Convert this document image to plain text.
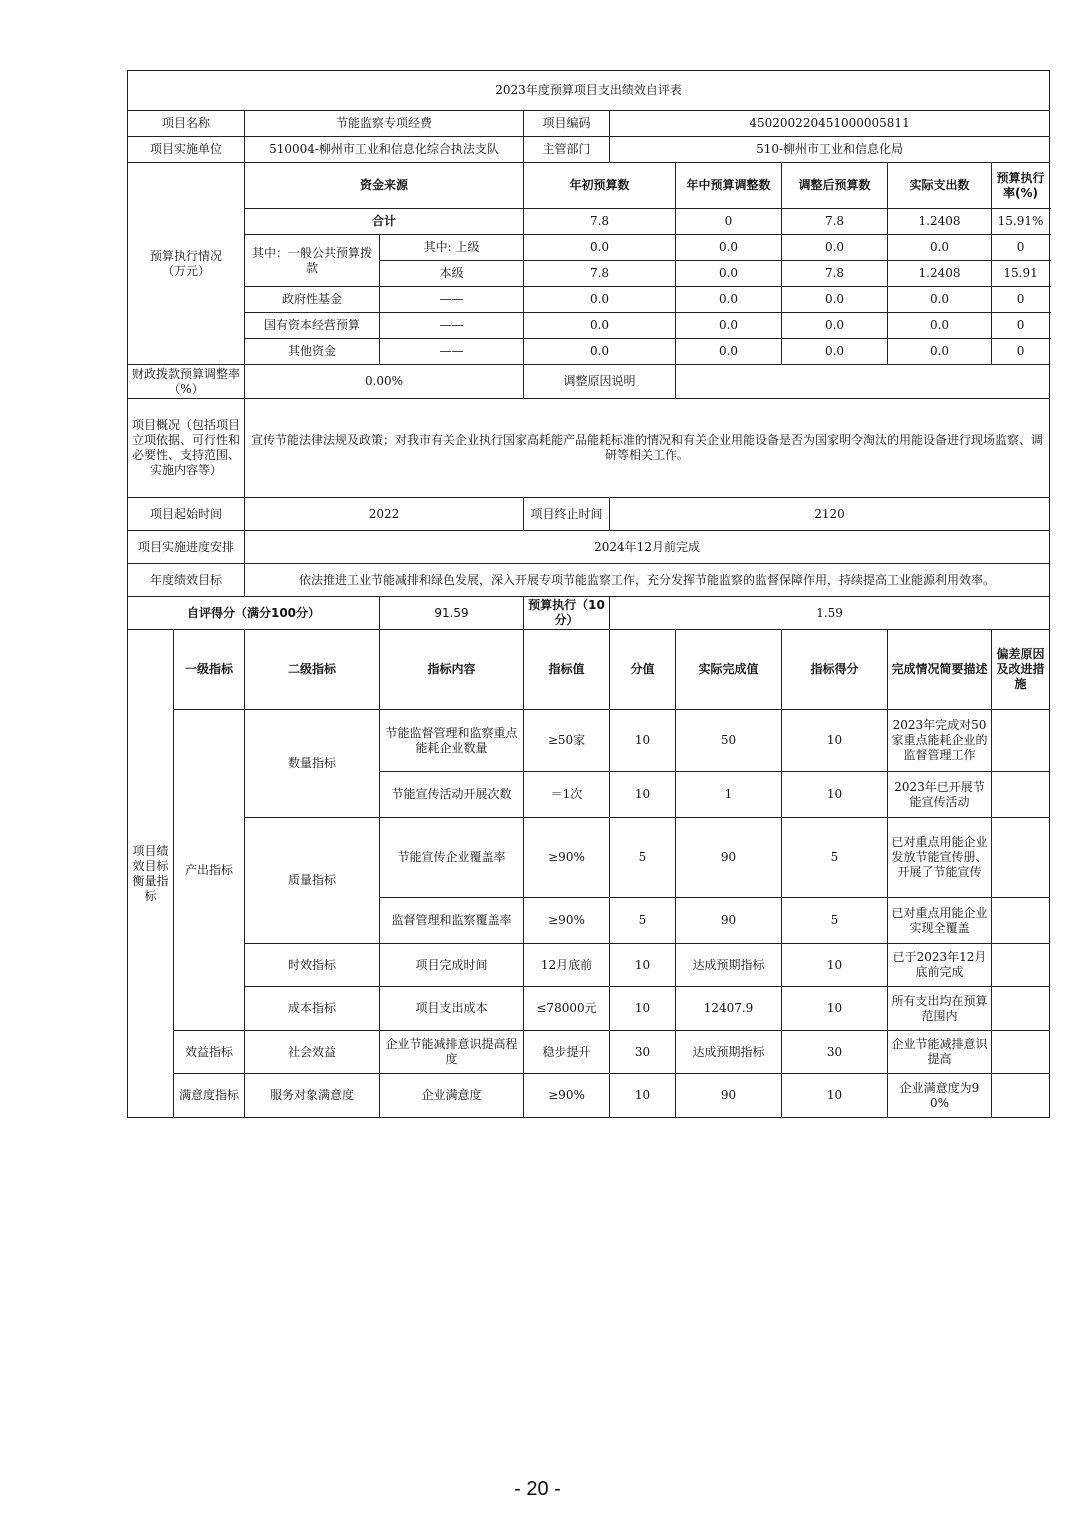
2023年度预算项目支出绩效自评表									
项目名称		节能监察专项经费		项目编码	450200220451000005811				
项目实施单位		510004-柳州市工业和信息化综合执法支队		主管部门	510-柳州市工业和信息化局				
预算执行情况
（万元）		资金来源		年初预算数		年中预算调整数	调整后预算数	实际支出数	预算执行率(%)
		合计		7.8		0	7.8	1.2408	15.91%
		其中：一般公共预算拨款	其中: 上级	0.0		0.0	0.0	0.0	0
			本级	7.8		0.0	7.8	1.2408	15.91
		政府性基金	——	0.0		0.0	0.0	0.0	0
		国有资本经营预算	——	0.0		0.0	0.0	0.0	0
		其他资金	——	0.0		0.0	0.0	0.0	0
财政拨款预算调整率（%）		0.00%		调整原因说明					
项目概况（包括项目立项依据、可行性和必要性、支持范围、实施内容等）		宣传节能法律法规及政策；对我市有关企业执行国家高耗能产品能耗标准的情况和有关企业用能设备是否为国家明令淘汰的用能设备进行现场监察、调研等相关工作。							
项目起始时间		2022		项目终止时间	2120				
项目实施进度安排		2024年12月前完成							
年度绩效目标		依法推进工业节能减排和绿色发展，深入开展专项节能监察工作，充分发挥节能监察的监督保障作用，持续提高工业能源利用效率。							
自评得分（满分100分）			91.59	预算执行（10分）	1.59				
项目绩效目标衡量指标	一级指标	二级指标	指标内容	指标值	分值	实际完成值	指标得分	完成情况简要描述	偏差原因及改进措施
	产出指标	数量指标	节能监督管理和监察重点能耗企业数量	≥50家	10	50	10	2023年完成对50家重点能耗企业的监督管理工作	
			节能宣传活动开展次数	＝1次	10	1	10	2023年已开展节能宣传活动	
		质量指标	节能宣传企业覆盖率	≥90%	5	90	5	已对重点用能企业发放节能宣传册、开展了节能宣传	
			监督管理和监察覆盖率	≥90%	5	90	5	已对重点用能企业实现全覆盖	
		时效指标	项目完成时间	12月底前	10	达成预期指标	10	已于2023年12月底前完成	
		成本指标	项目支出成本	≤78000元	10	12407.9	10	所有支出均在预算范围内	
	效益指标	社会效益	企业节能减排意识提高程度	稳步提升	30	达成预期指标	30	企业节能减排意识提高	
	满意度指标	服务对象满意度	企业满意度	≥90%	10	90	10	企业满意度为90%	
- 20 -
